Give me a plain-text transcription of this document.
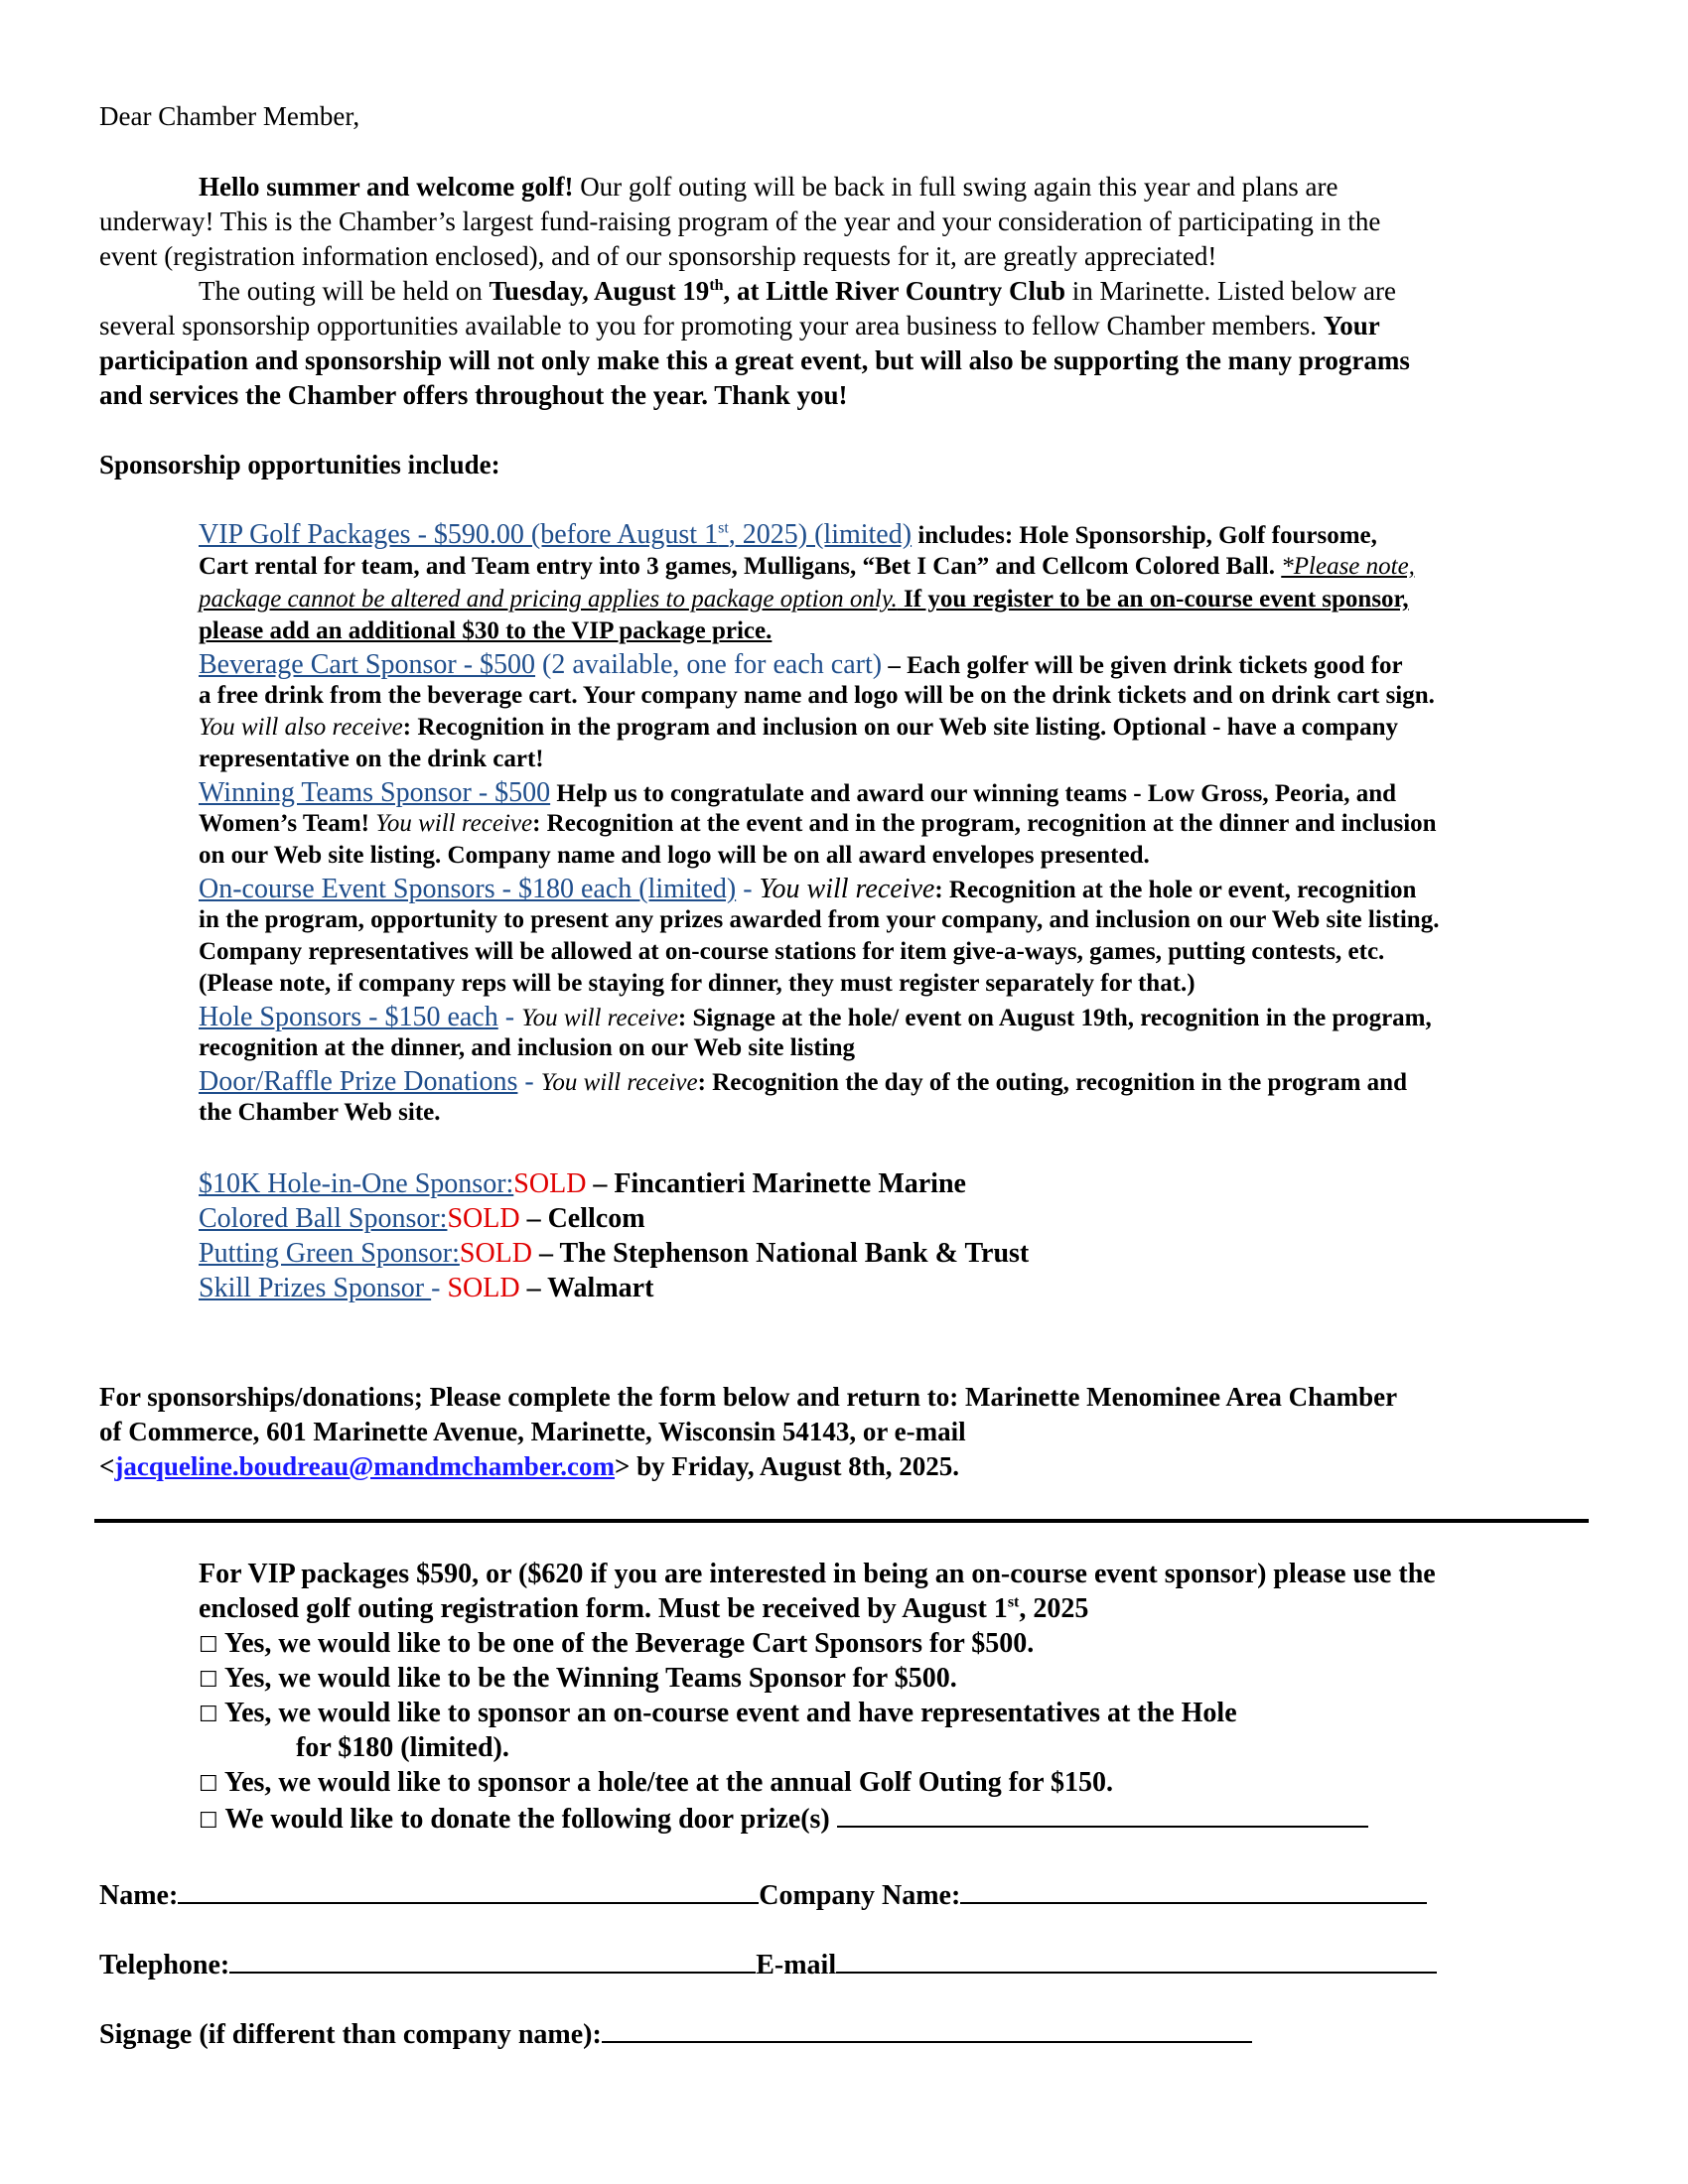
Dear Chamber Member,
Hello summer and welcome golf! Our golf outing will be back in full swing again this year and plans are
underway! This is the Chamber’s largest fund-raising program of the year and your consideration of participating in the
event (registration information enclosed), and of our sponsorship requests for it, are greatly appreciated!
The outing will be held on Tuesday, August 19th, at Little River Country Club in Marinette. Listed below are
several sponsorship opportunities available to you for promoting your area business to fellow Chamber members. Your
participation and sponsorship will not only make this a great event, but will also be supporting the many programs
and services the Chamber offers throughout the year. Thank you!
Sponsorship opportunities include:
VIP Golf Packages - $590.00 (before August 1st, 2025) (limited) includes: Hole Sponsorship, Golf foursome,
Cart rental for team, and Team entry into 3 games, Mulligans, “Bet I Can” and Cellcom Colored Ball. *Please note,
package cannot be altered and pricing applies to package option only. If you register to be an on-course event sponsor,
please add an additional $30 to the VIP package price.
Beverage Cart Sponsor - $500 (2 available, one for each cart) – Each golfer will be given drink tickets good for
a free drink from the beverage cart. Your company name and logo will be on the drink tickets and on drink cart sign.
You will also receive: Recognition in the program and inclusion on our Web site listing. Optional - have a company
representative on the drink cart!
Winning Teams Sponsor - $500 Help us to congratulate and award our winning teams - Low Gross, Peoria, and
Women’s Team! You will receive: Recognition at the event and in the program, recognition at the dinner and inclusion
on our Web site listing. Company name and logo will be on all award envelopes presented.
On-course Event Sponsors - $180 each (limited) - You will receive: Recognition at the hole or event, recognition
in the program, opportunity to present any prizes awarded from your company, and inclusion on our Web site listing.
Company representatives will be allowed at on-course stations for item give-a-ways, games, putting contests, etc.
(Please note, if company reps will be staying for dinner, they must register separately for that.)
Hole Sponsors - $150 each - You will receive: Signage at the hole/ event on August 19th, recognition in the program,
recognition at the dinner, and inclusion on our Web site listing
Door/Raffle Prize Donations - You will receive: Recognition the day of the outing, recognition in the program and
the Chamber Web site.
$10K Hole-in-One Sponsor:SOLD – Fincantieri Marinette Marine
Colored Ball Sponsor:SOLD – Cellcom
Putting Green Sponsor:SOLD – The Stephenson National Bank & Trust
Skill Prizes Sponsor - SOLD – Walmart
For sponsorships/donations; Please complete the form below and return to: Marinette Menominee Area Chamber
of Commerce, 601 Marinette Avenue, Marinette, Wisconsin 54143, or e-mail
<jacqueline.boudreau@mandmchamber.com> by Friday, August 8th, 2025.
For VIP packages $590, or ($620 if you are interested in being an on-course event sponsor) please use the
enclosed golf outing registration form. Must be received by August 1st, 2025
☐ Yes, we would like to be one of the Beverage Cart Sponsors for $500.
☐ Yes, we would like to be the Winning Teams Sponsor for $500.
☐ Yes, we would like to sponsor an on-course event and have representatives at the Hole
for $180 (limited).
☐ Yes, we would like to sponsor a hole/tee at the annual Golf Outing for $150.
☐ We would like to donate the following door prize(s)
Name:	Company Name:
Telephone:	E-mail
Signage (if different than company name):
